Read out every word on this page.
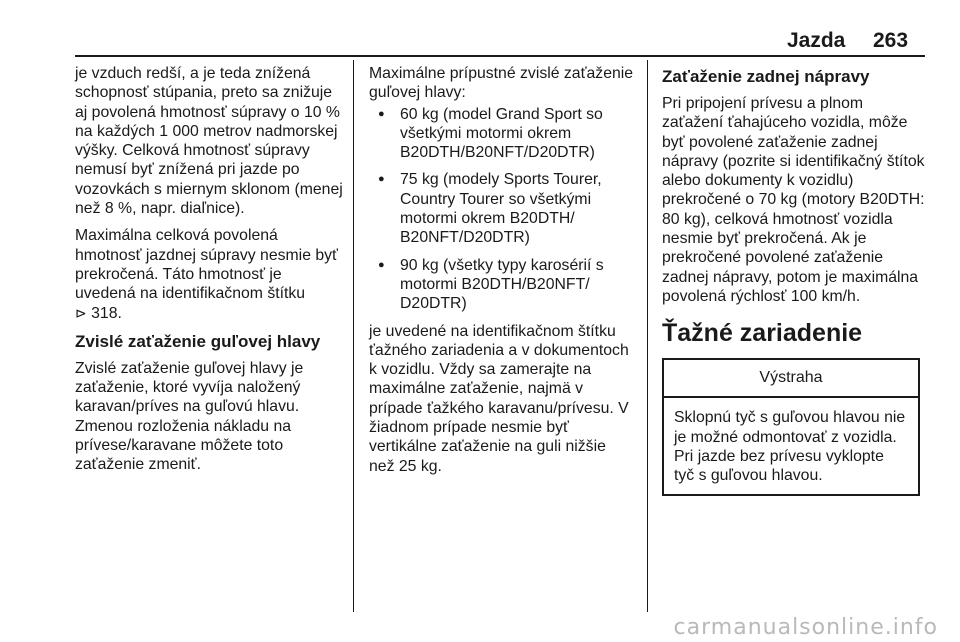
Jazda 263

je vzduch redší, a je teda znížená schopnosť stúpania, preto sa znižuje aj povolená hmotnosť súpravy o 10 % na každých 1 000 metrov nadmorskej výšky. Celková hmotnosť súpravy nemusí byť znížená pri jazde po vozovkách s miernym sklonom (menej než 8 %, napr. diaľnice).

Maximálna celková povolená hmotnosť jazdnej súpravy nesmie byť prekročená. Táto hmotnosť je uvedená na identifikačnom štítku
⊳ 318.

Zvislé zaťaženie guľovej hlavy

Zvislé zaťaženie guľovej hlavy je zaťaženie, ktoré vyvíja naložený karavan/príves na guľovú hlavu. Zmenou rozloženia nákladu na prívese/karavane môžete toto zaťaženie zmeniť.

Maximálne prípustné zvislé zaťaženie guľovej hlavy:

● 60 kg (model Grand Sport so všetkými motormi okrem B20DTH/B20NFT/D20DTR)
● 75 kg (modely Sports Tourer, Country Tourer so všetkými motormi okrem B20DTH/ B20NFT/D20DTR)
● 90 kg (všetky typy karosérií s motormi B20DTH/B20NFT/ D20DTR)

je uvedené na identifikačnom štítku ťažného zariadenia a v dokumentoch k vozidlu. Vždy sa zamerajte na maximálne zaťaženie, najmä v prípade ťažkého karavanu/prívesu. V žiadnom prípade nesmie byť vertikálne zaťaženie na guli nižšie než 25 kg.

Zaťaženie zadnej nápravy

Pri pripojení prívesu a plnom zaťažení ťahajúceho vozidla, môže byť povolené zaťaženie zadnej nápravy (pozrite si identifikačný štítok alebo dokumenty k vozidlu) prekročené o 70 kg (motory B20DTH: 80 kg), celková hmotnosť vozidla nesmie byť prekročená. Ak je prekročené povolené zaťaženie zadnej nápravy, potom je maximálna povolená rýchlosť 100 km/h.

Ťažné zariadenie
Výstraha
Sklopnú tyč s guľovou hlavou nie je možné odmontovať z vozidla. Pri jazde bez prívesu vyklopte tyč s guľovou hlavou.
carmanualsonline.info
